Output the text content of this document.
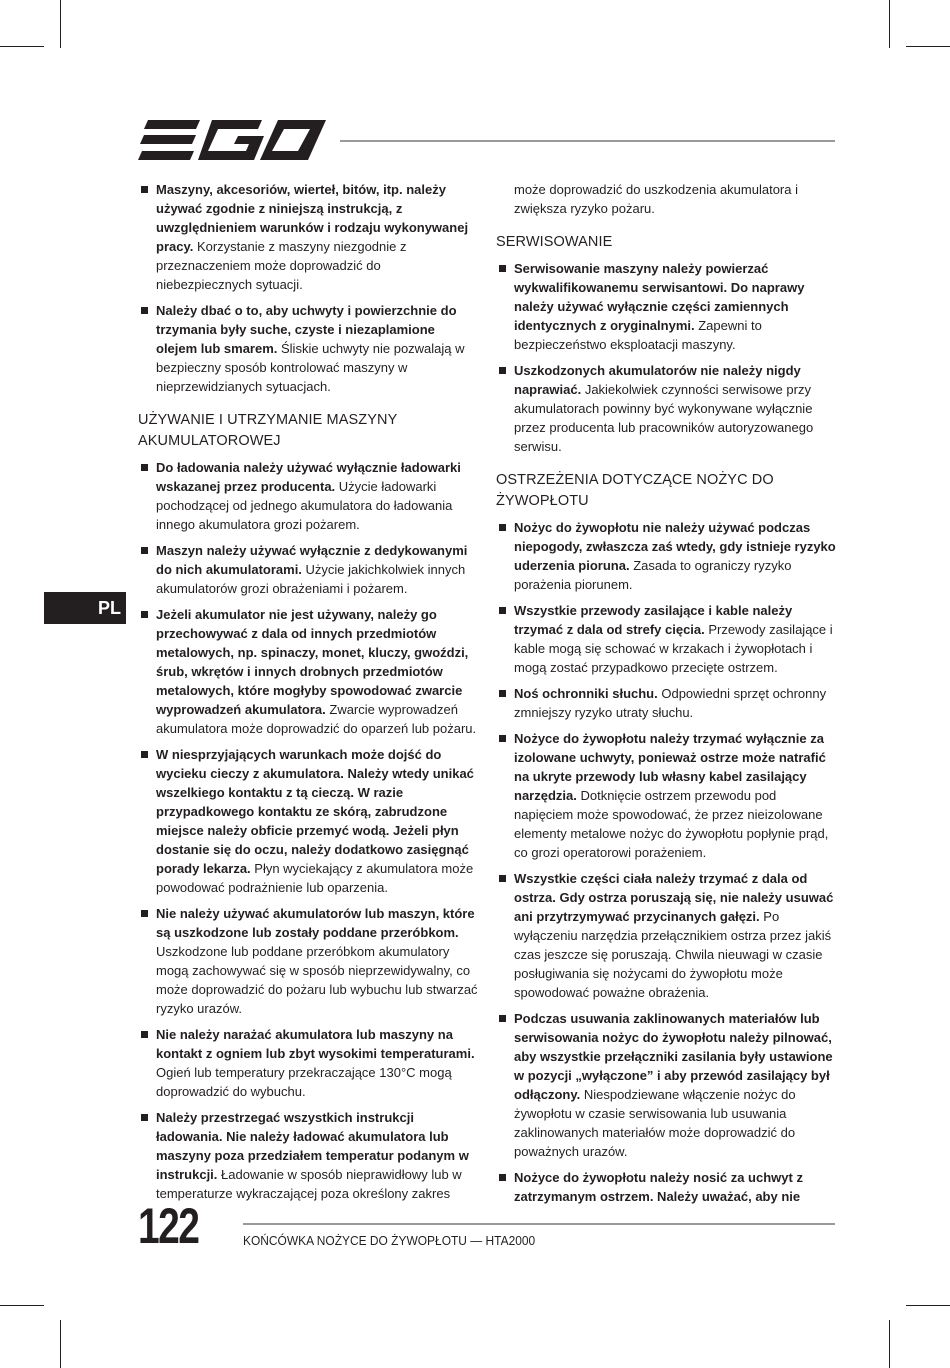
PL
Maszyny, akcesoriów, wierteł, bitów, itp. należy używać zgodnie z niniejszą instrukcją, z uwzględnieniem warunków i rodzaju wykonywanej pracy. Korzystanie z maszyny niezgodnie z przeznaczeniem może doprowadzić do niebezpiecznych sytuacji.
Należy dbać o to, aby uchwyty i powierzchnie do trzymania były suche, czyste i niezaplamione olejem lub smarem. Śliskie uchwyty nie pozwalają w bezpieczny sposób kontrolować maszyny w nieprzewidzianych sytuacjach.
UŻYWANIE I UTRZYMANIE MASZYNY AKUMULATOROWEJ
Do ładowania należy używać wyłącznie ładowarki wskazanej przez producenta. Użycie ładowarki pochodzącej od jednego akumulatora do ładowania innego akumulatora grozi pożarem.
Maszyn należy używać wyłącznie z dedykowanymi do nich akumulatorami. Użycie jakichkolwiek innych akumulatorów grozi obrażeniami i pożarem.
Jeżeli akumulator nie jest używany, należy go przechowywać z dala od innych przedmiotów metalowych, np. spinaczy, monet, kluczy, gwoździ, śrub, wkrętów i innych drobnych przedmiotów metalowych, które mogłyby spowodować zwarcie wyprowadzeń akumulatora. Zwarcie wyprowadzeń akumulatora może doprowadzić do oparzeń lub pożaru.
W niesprzyjających warunkach może dojść do wycieku cieczy z akumulatora. Należy wtedy unikać wszelkiego kontaktu z tą cieczą. W razie przypadkowego kontaktu ze skórą, zabrudzone miejsce należy obficie przemyć wodą. Jeżeli płyn dostanie się do oczu, należy dodatkowo zasięgnąć porady lekarza. Płyn wyciekający z akumulatora może powodować podrażnienie lub oparzenia.
Nie należy używać akumulatorów lub maszyn, które są uszkodzone lub zostały poddane przeróbkom. Uszkodzone lub poddane przeróbkom akumulatory mogą zachowywać się w sposób nieprzewidywalny, co może doprowadzić do pożaru lub wybuchu lub stwarzać ryzyko urazów.
Nie należy narażać akumulatora lub maszyny na kontakt z ogniem lub zbyt wysokimi temperaturami. Ogień lub temperatury przekraczające 130°C mogą doprowadzić do wybuchu.
Należy przestrzegać wszystkich instrukcji ładowania. Nie należy ładować akumulatora lub maszyny poza przedziałem temperatur podanym w instrukcji. Ładowanie w sposób nieprawidłowy lub w temperaturze wykraczającej poza określony zakres
może doprowadzić do uszkodzenia akumulatora i zwiększa ryzyko pożaru.
SERWISOWANIE
Serwisowanie maszyny należy powierzać wykwalifikowanemu serwisantowi. Do naprawy należy używać wyłącznie części zamiennych identycznych z oryginalnymi. Zapewni to bezpieczeństwo eksploatacji maszyny.
Uszkodzonych akumulatorów nie należy nigdy naprawiać. Jakiekolwiek czynności serwisowe przy akumulatorach powinny być wykonywane wyłącznie przez producenta lub pracowników autoryzowanego serwisu.
OSTRZEŻENIA DOTYCZĄCE NOŻYC DO ŻYWOPŁOTU
Nożyc do żywopłotu nie należy używać podczas niepogody, zwłaszcza zaś wtedy, gdy istnieje ryzyko uderzenia pioruna. Zasada to ograniczy ryzyko porażenia piorunem.
Wszystkie przewody zasilające i kable należy trzymać z dala od strefy cięcia. Przewody zasilające i kable mogą się schować w krzakach i żywopłotach i mogą zostać przypadkowo przecięte ostrzem.
Noś ochronniki słuchu. Odpowiedni sprzęt ochronny zmniejszy ryzyko utraty słuchu.
Nożyce do żywopłotu należy trzymać wyłącznie za izolowane uchwyty, ponieważ ostrze może natrafić na ukryte przewody lub własny kabel zasilający narzędzia. Dotknięcie ostrzem przewodu pod napięciem może spowodować, że przez nieizolowane elementy metalowe nożyc do żywopłotu popłynie prąd, co grozi operatorowi porażeniem.
Wszystkie części ciała należy trzymać z dala od ostrza. Gdy ostrza poruszają się, nie należy usuwać ani przytrzymywać przycinanych gałęzi. Po wyłączeniu narzędzia przełącznikiem ostrza przez jakiś czas jeszcze się poruszają. Chwila nieuwagi w czasie posługiwania się nożycami do żywopłotu może spowodować poważne obrażenia.
Podczas usuwania zaklinowanych materiałów lub serwisowania nożyc do żywopłotu należy pilnować, aby wszystkie przełączniki zasilania były ustawione w pozycji „wyłączone” i aby przewód zasilający był odłączony. Niespodziewane włączenie nożyc do żywopłotu w czasie serwisowania lub usuwania zaklinowanych materiałów może doprowadzić do poważnych urazów.
Nożyce do żywopłotu należy nosić za uchwyt z zatrzymanym ostrzem. Należy uważać, aby nie
122	KOŃCÓWKA NOŻYCE DO ŻYWOPŁOTU — HTA2000
